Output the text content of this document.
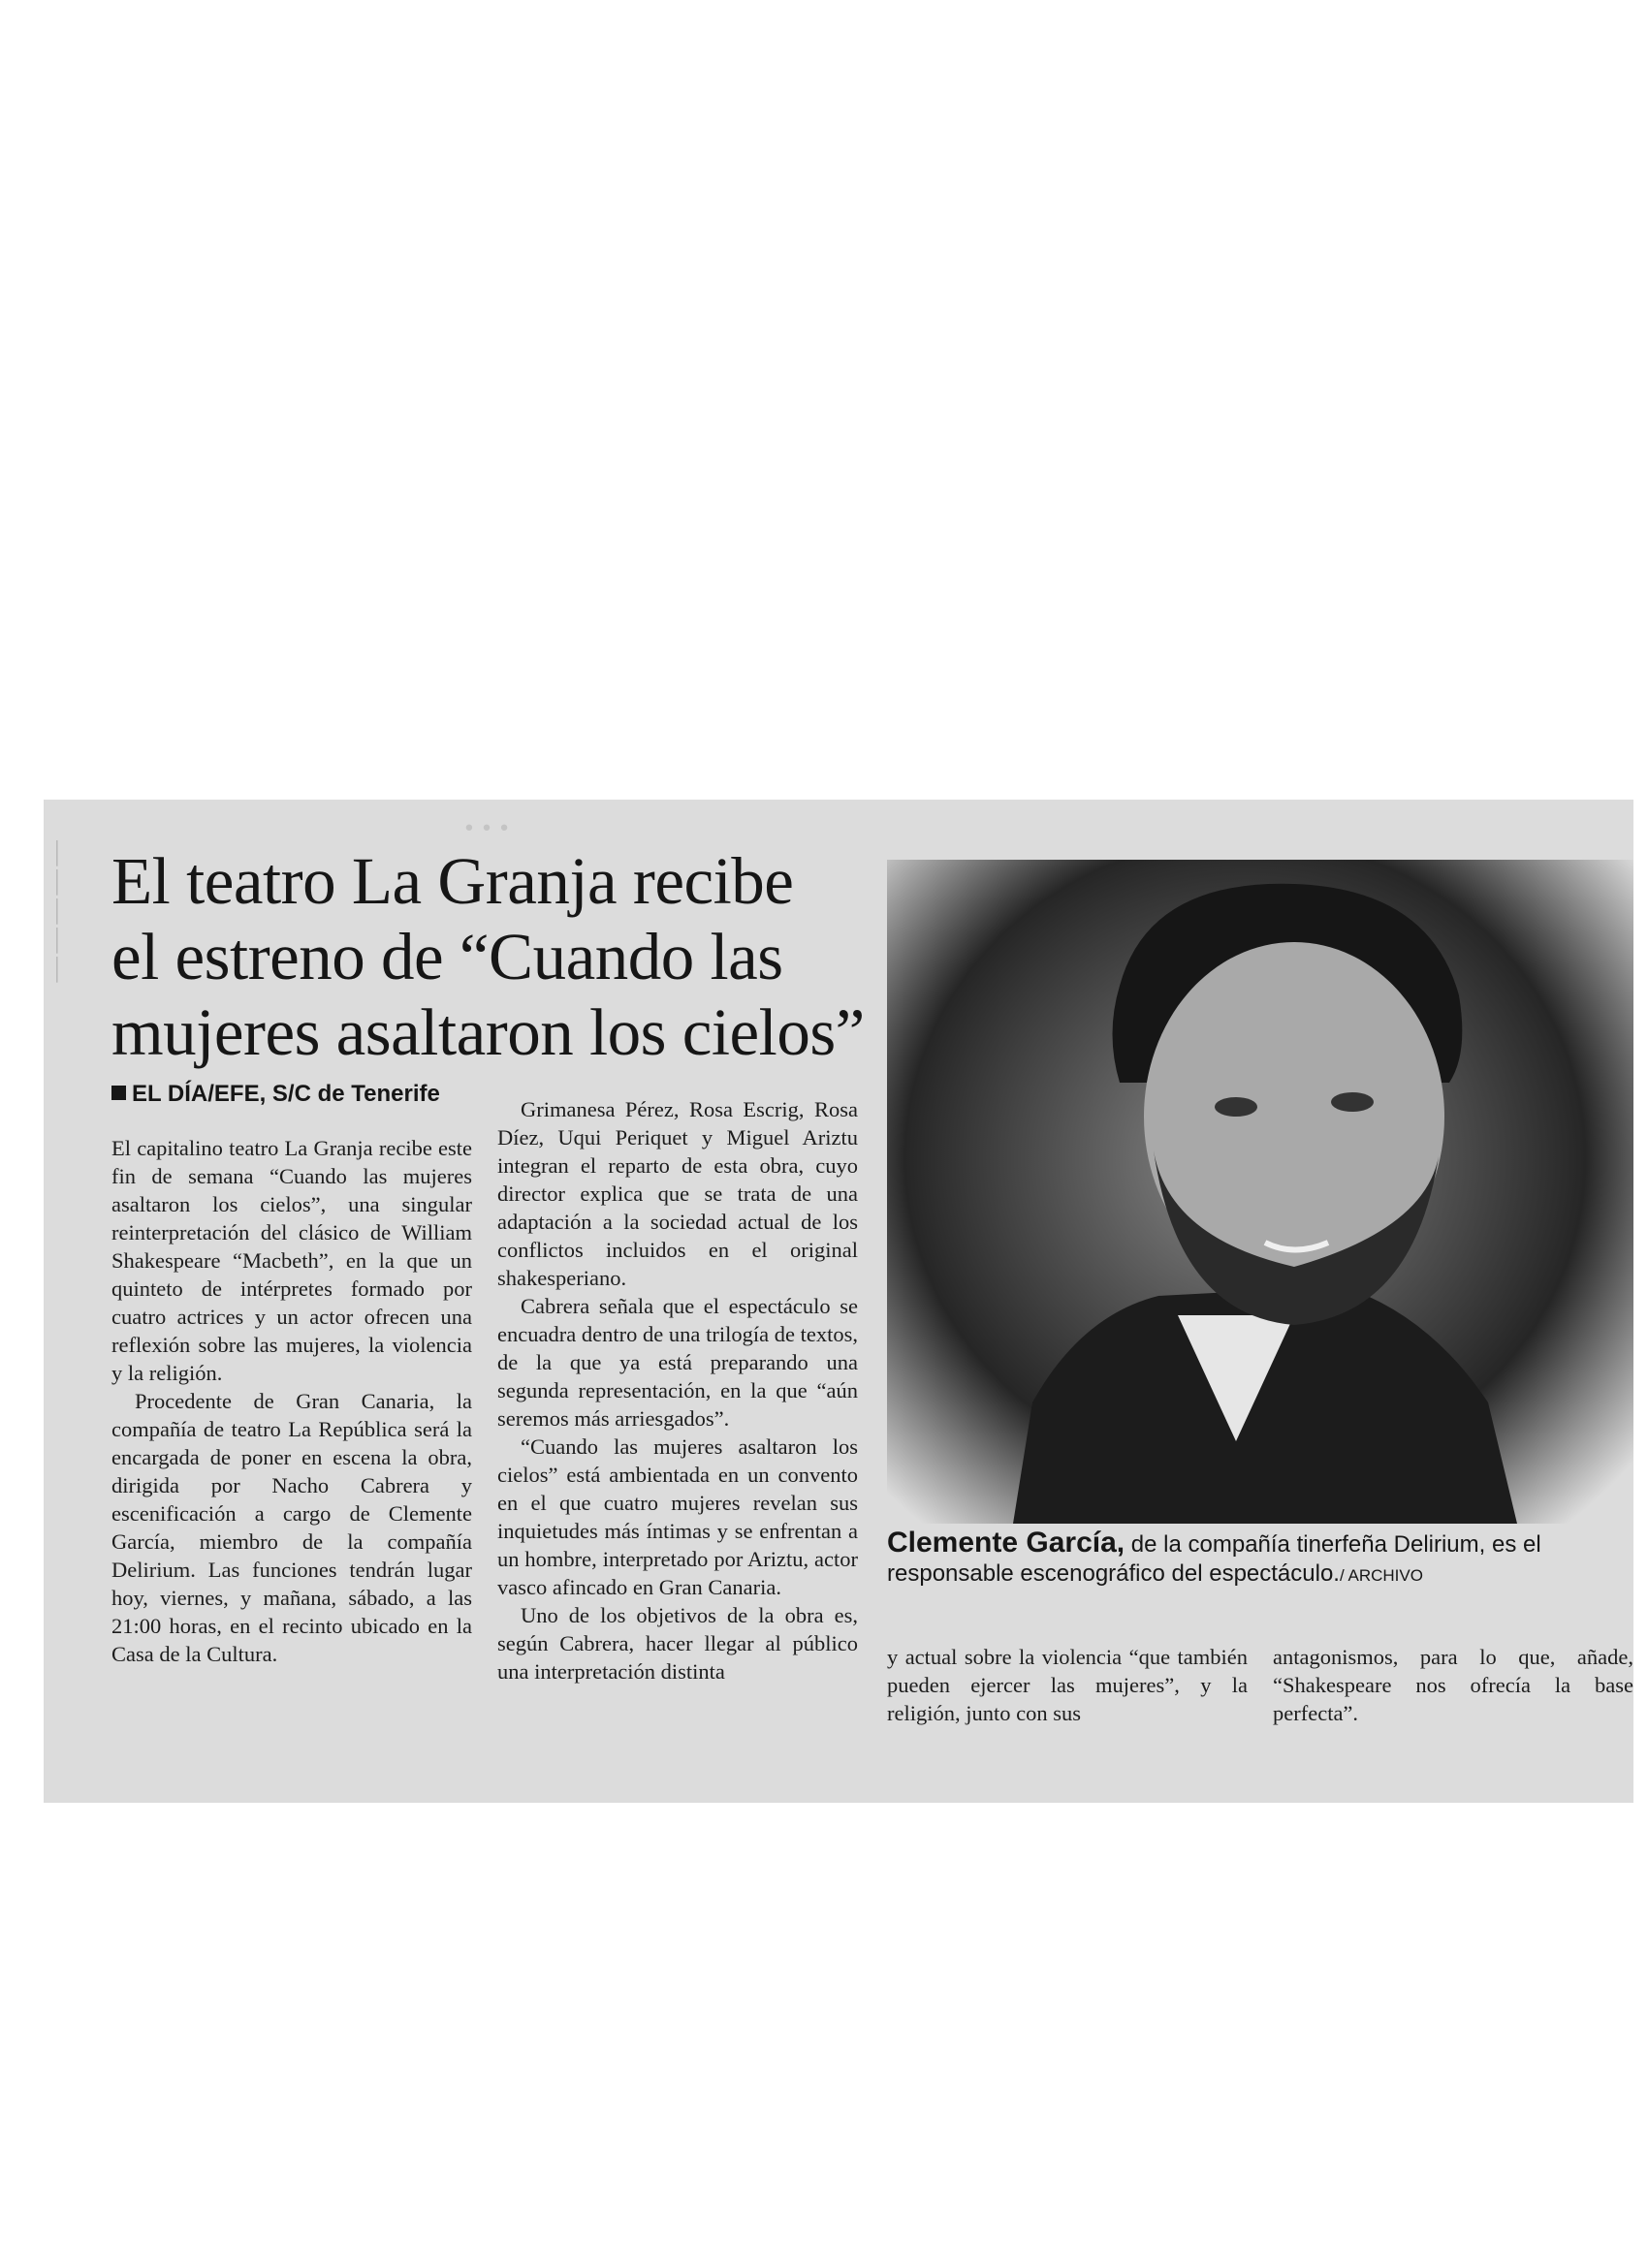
…
│
│
│
│
│
El teatro La Granja recibe
el estreno de “Cuando las
mujeres asaltaron los cielos”
EL DÍA/EFE, S/C de Tenerife

El capitalino teatro La Granja recibe este fin de semana “Cuando las mujeres asaltaron los cielos”, una singular reinterpretación del clásico de William Shakespeare “Macbeth”, en la que un quinteto de intérpretes formado por cuatro actrices y un actor ofrecen una reflexión sobre las mujeres, la violencia y la religión.

Procedente de Gran Canaria, la compañía de teatro La República será la encargada de poner en escena la obra, dirigida por Nacho Cabrera y escenificación a cargo de Clemente García, miembro de la compañía Delirium. Las funciones tendrán lugar hoy, viernes, y mañana, sábado, a las 21:00 horas, en el recinto ubicado en la Casa de la Cultura.

Grimanesa Pérez, Rosa Escrig, Rosa Díez, Uqui Periquet y Miguel Ariztu integran el reparto de esta obra, cuyo director explica que se trata de una adaptación a la sociedad actual de los conflictos incluidos en el original shakesperiano.

Cabrera señala que el espectáculo se encuadra dentro de una trilogía de textos, de la que ya está preparando una segunda representación, en la que “aún seremos más arriesgados”.

“Cuando las mujeres asaltaron los cielos” está ambientada en un convento en el que cuatro mujeres revelan sus inquietudes más íntimas y se enfrentan a un hombre, interpretado por Ariztu, actor vasco afincado en Gran Canaria.

Uno de los objetivos de la obra es, según Cabrera, hacer llegar al público una interpretación distinta

Clemente García, de la compañía tinerfeña Delirium, es el responsable escenográfico del espectáculo./ ARCHIVO

y actual sobre la violencia “que también pueden ejercer las mujeres”, y la religión, junto con sus

antagonismos, para lo que, añade, “Shakespeare nos ofrecía la base perfecta”.
